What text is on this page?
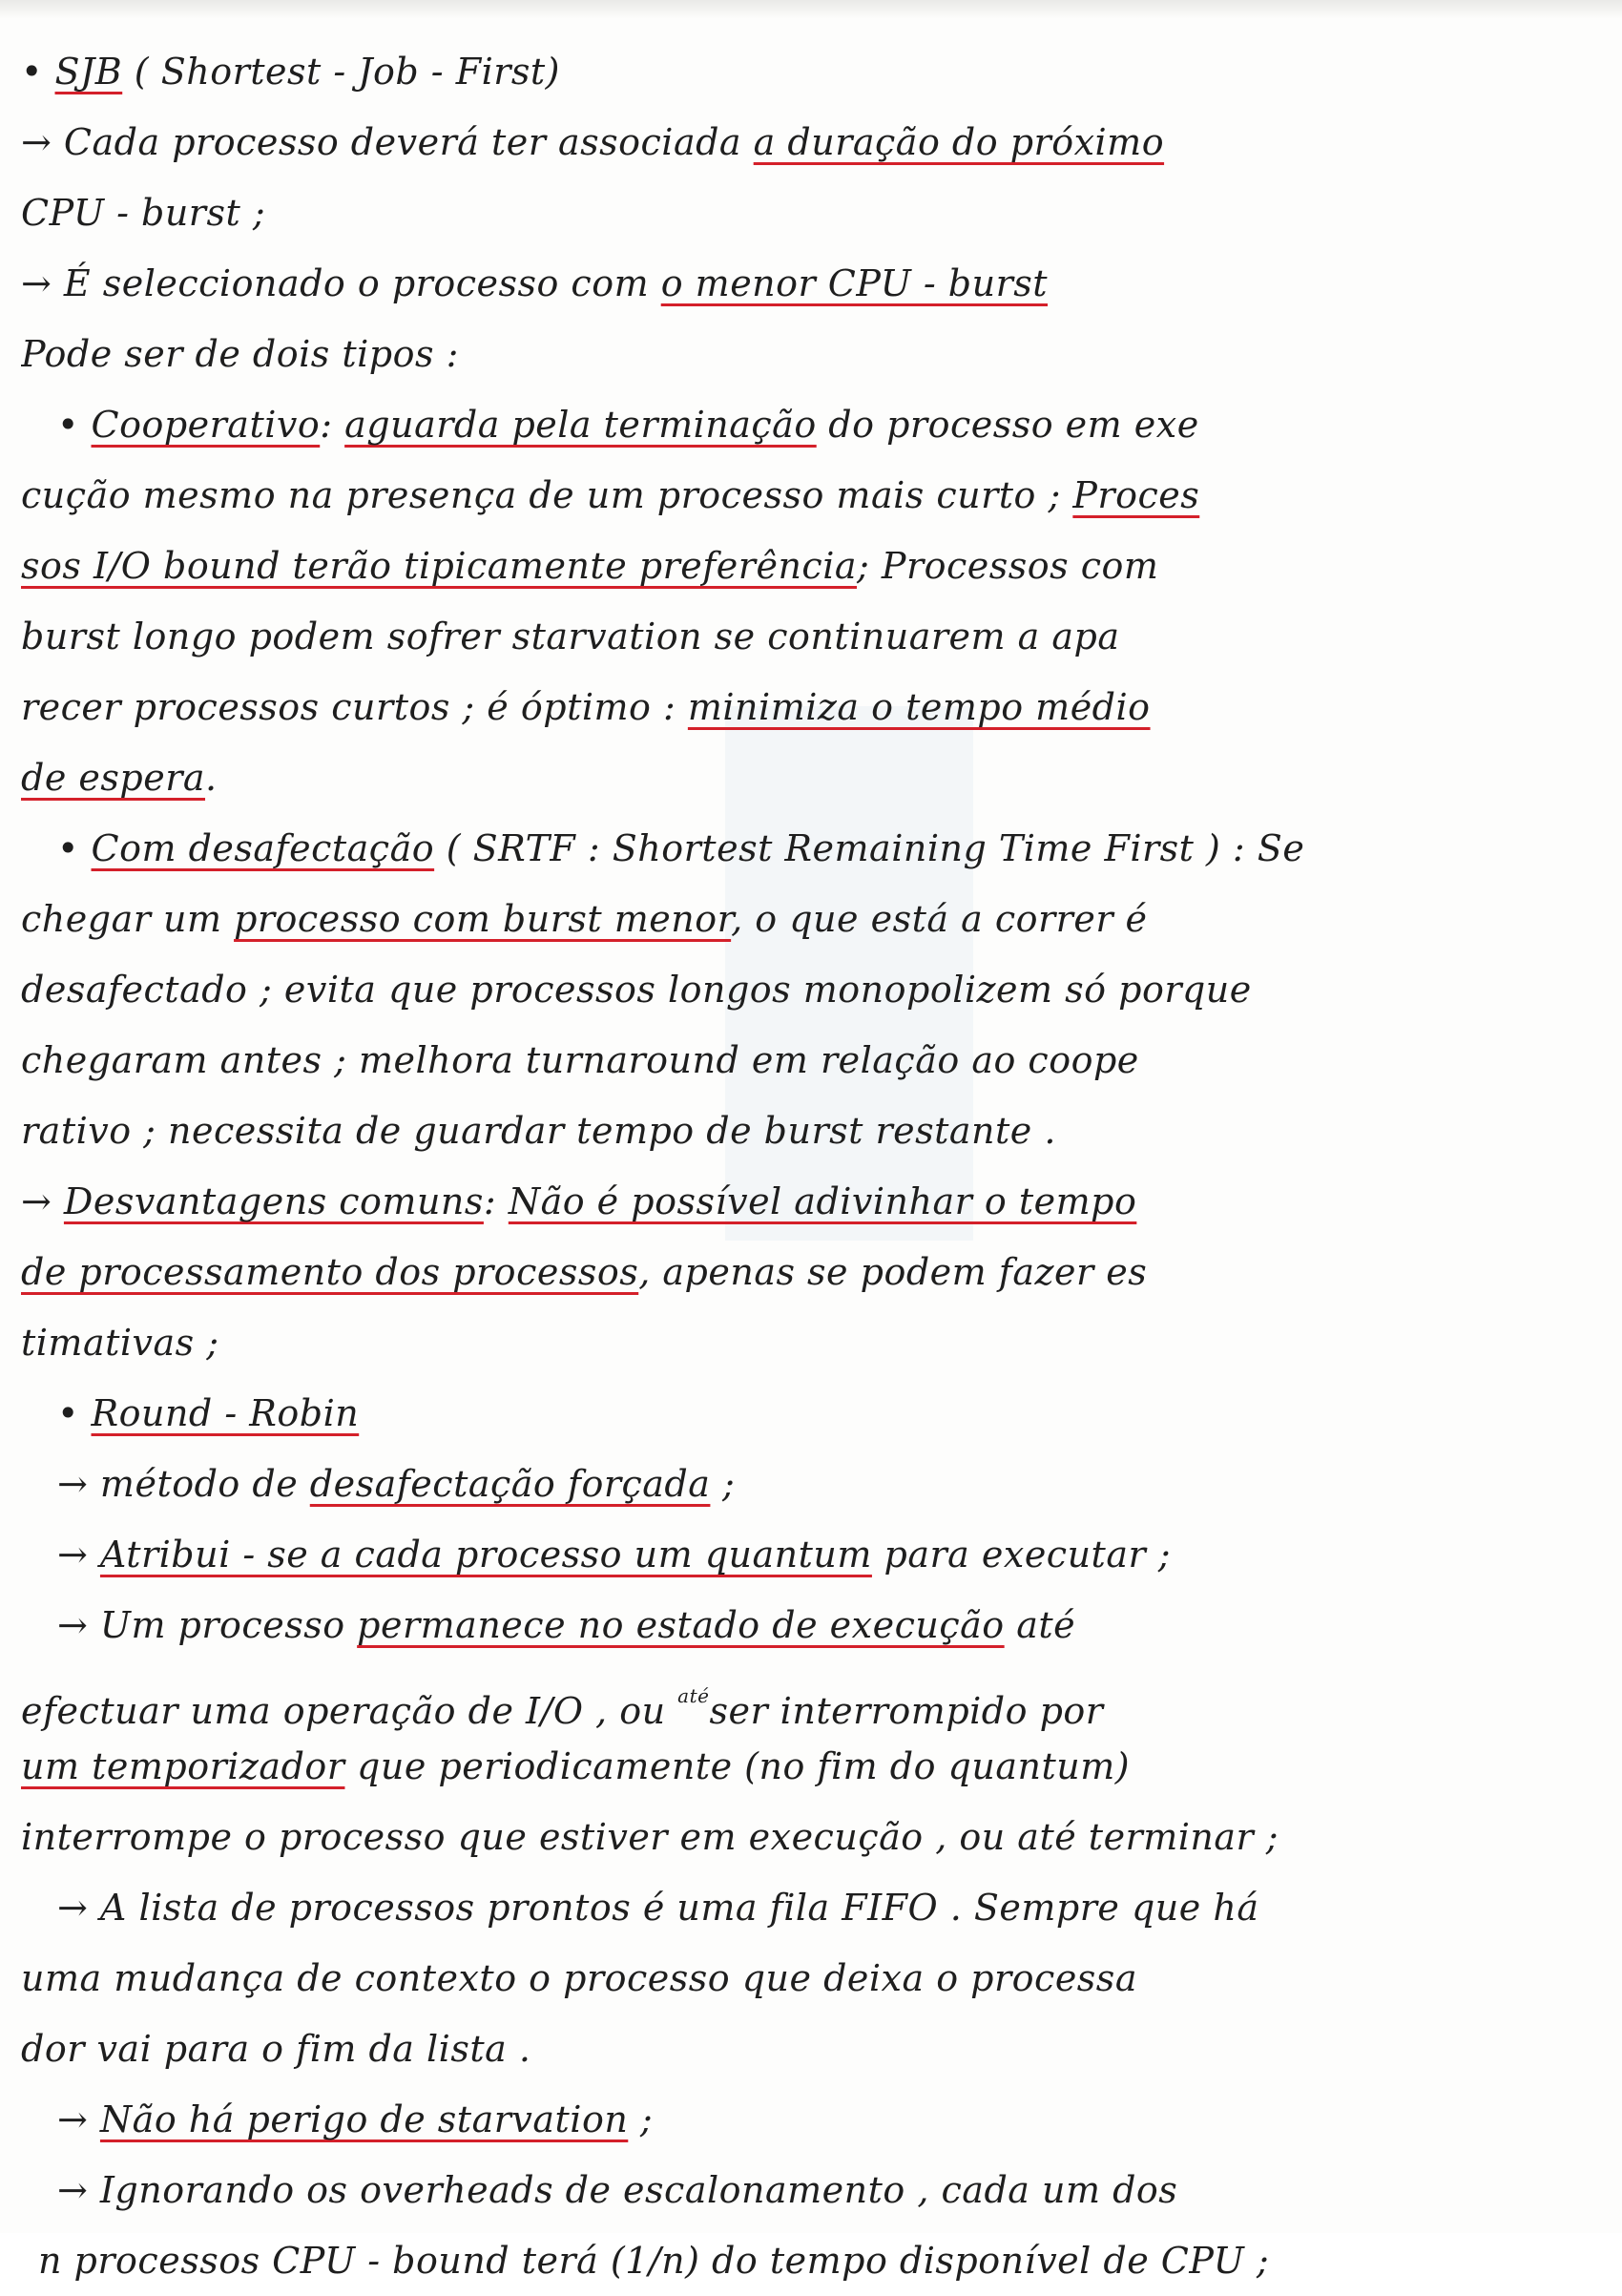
• SJB ( Shortest - Job - First)
→ Cada processo deverá ter associada a duração do próximo
CPU - burst ;
→ É seleccionado o processo com o menor CPU - burst
Pode ser de dois tipos :
• Cooperativo: aguarda pela terminação do processo em exe
cução mesmo na presença de um processo mais curto ; Proces
sos I/O bound terão tipicamente preferência; Processos com
burst longo podem sofrer starvation se continuarem a apa
recer processos curtos ; é óptimo : minimiza o tempo médio
de espera.
• Com desafectação ( SRTF : Shortest Remaining Time First ) : Se
chegar um processo com burst menor, o que está a correr é
desafectado ; evita que processos longos monopolizem só porque
chegaram antes ; melhora turnaround em relação ao coope
rativo ; necessita de guardar tempo de burst restante .
→ Desvantagens comuns: Não é possível adivinhar o tempo
de processamento dos processos, apenas se podem fazer es
timativas ;
• Round - Robin
→ método de desafectação forçada ;
→ Atribui - se a cada processo um quantum para executar ;
→ Um processo permanece no estado de execução até
efectuar uma operação de I/O , ou $^{até}$ser interrompido por
um temporizador que periodicamente (no fim do quantum)
interrompe o processo que estiver em execução , ou até terminar ;
→ A lista de processos prontos é uma fila FIFO . Sempre que há
uma mudança de contexto o processo que deixa o processa
dor vai para o fim da lista .
→ Não há perigo de starvation ;
→ Ignorando os overheads de escalonamento , cada um dos
n processos CPU - bound terá (1/n) do tempo disponível de CPU ;
